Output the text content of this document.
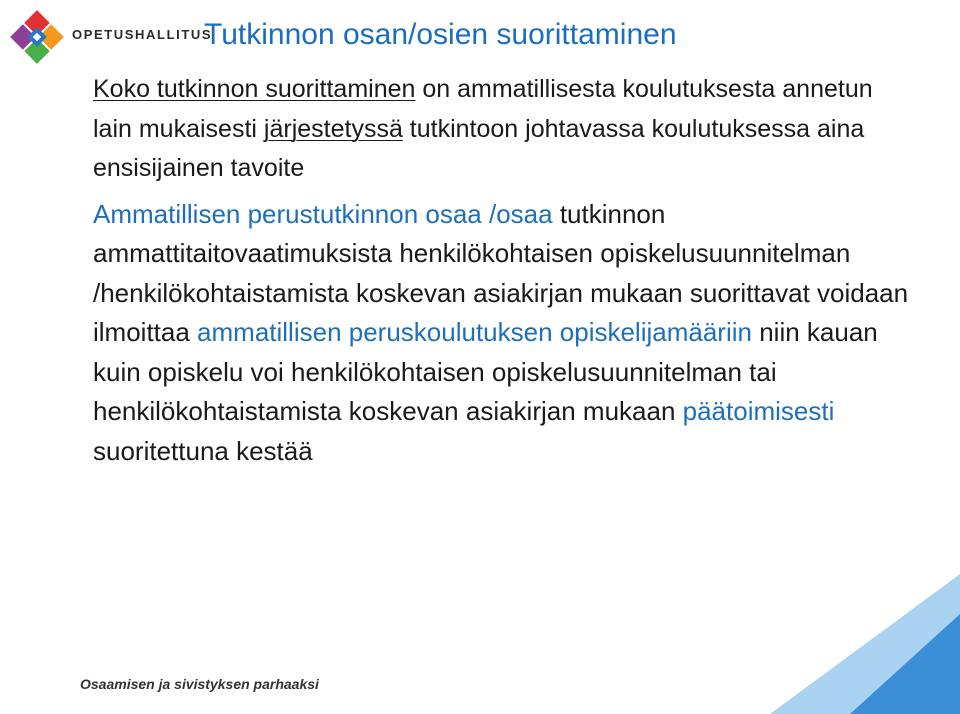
OPETUSHALLITUS
Tutkinnon osan/osien suorittaminen

Koko tutkinnon suorittaminen on ammatillisesta koulutuksesta annetun lain mukaisesti järjestetyssä tutkintoon johtavassa koulutuksessa aina ensisijainen tavoite

Ammatillisen perustutkinnon osaa /osaa tutkinnon ammattitaitovaatimuksista henkilökohtaisen opiskelusuunnitelman /henkilökohtaistamista koskevan asiakirjan mukaan suorittavat voidaan ilmoittaa ammatillisen peruskoulutuksen opiskelijamääriin niin kauan kuin opiskelu voi henkilökohtaisen opiskelusuunnitelman tai henkilökohtaistamista koskevan asiakirjan mukaan päätoimisesti suoritettuna kestää

Osaamisen ja sivistyksen parhaaksi
